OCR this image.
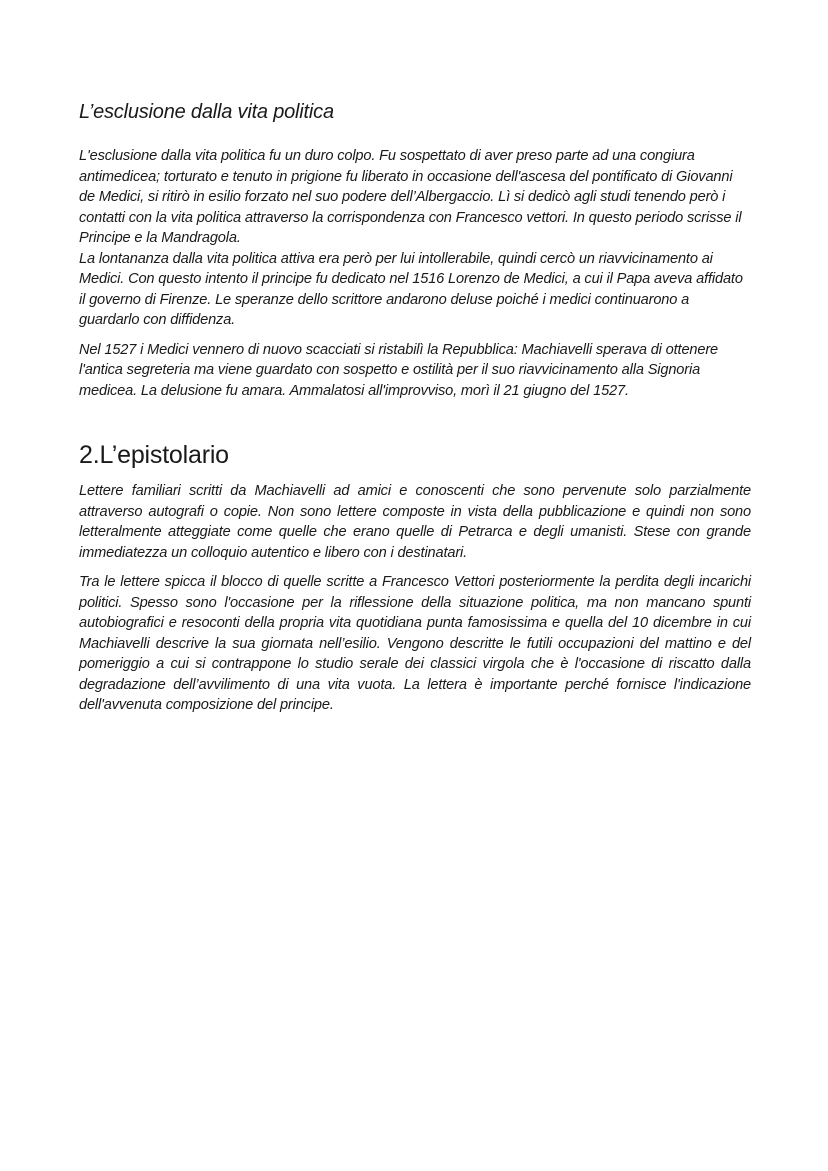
L’esclusione dalla vita politica

L'esclusione dalla vita politica fu un duro colpo. Fu sospettato di aver preso parte ad una congiura antimedicea; torturato e tenuto in prigione fu liberato in occasione dell'ascesa del pontificato di Giovanni de Medici, si ritirò in esilio forzato nel suo podere dell’Albergaccio. Lì si dedicò agli studi tenendo però i contatti con la vita politica attraverso la corrispondenza con Francesco vettori. In questo periodo scrisse il Principe e la Mandragola.

La lontananza dalla vita politica attiva era però per lui intollerabile, quindi cercò un riavvicinamento ai Medici. Con questo intento il principe fu dedicato nel 1516 Lorenzo de Medici, a cui il Papa aveva affidato il governo di Firenze. Le speranze dello scrittore andarono deluse poiché i medici continuarono a guardarlo con diffidenza.

Nel 1527 i Medici vennero di nuovo scacciati si ristabilì la Repubblica: Machiavelli sperava di ottenere l'antica segreteria ma viene guardato con sospetto e ostilità per il suo riavvicinamento alla Signoria medicea. La delusione fu amara. Ammalatosi all'improvviso, morì il 21 giugno del 1527.

2.L’epistolario

Lettere familiari scritti da Machiavelli ad amici e conoscenti che sono pervenute solo parzialmente attraverso autografi o copie. Non sono lettere composte in vista della pubblicazione e quindi non sono letteralmente atteggiate come quelle che erano quelle di Petrarca e degli umanisti. Stese con grande immediatezza un colloquio autentico e libero con i destinatari.

Tra le lettere spicca il blocco di quelle scritte a Francesco Vettori posteriormente la perdita degli incarichi politici. Spesso sono l'occasione per la riflessione della situazione politica, ma non mancano spunti autobiografici e resoconti della propria vita quotidiana punta famosissima e quella del 10 dicembre in cui Machiavelli descrive la sua giornata nell’esilio. Vengono descritte le futili occupazioni del mattino e del pomeriggio a cui si contrappone lo studio serale dei classici virgola che è l'occasione di riscatto dalla degradazione dell’avvilimento di una vita vuota. La lettera è importante perché fornisce l'indicazione dell'avvenuta composizione del principe.
